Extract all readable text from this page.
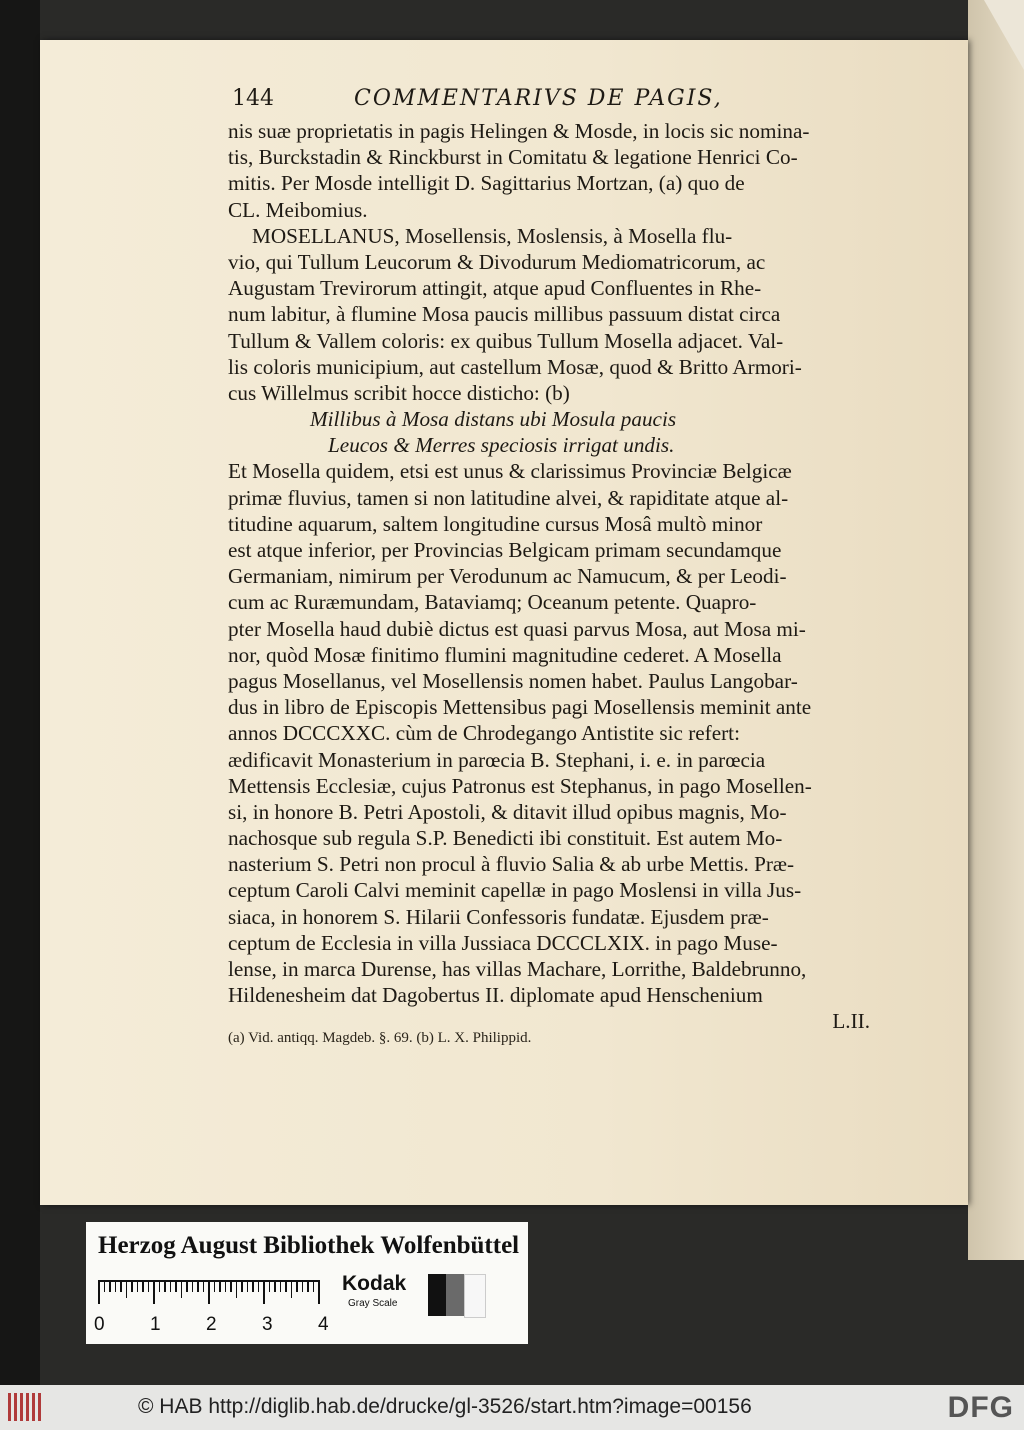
144	COMMENTARIVS DE PAGIS,
nis suæ proprietatis in pagis Helingen & Mosde, in locis sic nomina-
tis, Burckstadin & Rinckburst in Comitatu & legatione Henrici Co-
mitis. Per Mosde intelligit D. Sagittarius Mortzan, (a) quo de
CL. Meibomius.
MOSELLANUS, Mosellensis, Moslensis, à Mosella flu-
vio, qui Tullum Leucorum & Divodurum Mediomatricorum, ac
Augustam Trevirorum attingit, atque apud Confluentes in Rhe-
num labitur, à flumine Mosa paucis millibus passuum distat circa
Tullum & Vallem coloris: ex quibus Tullum Mosella adjacet. Val-
lis coloris municipium, aut castellum Mosæ, quod & Britto Armori-
cus Willelmus scribit hocce disticho: (b)
Millibus à Mosa distans ubi Mosula paucis
Leucos & Merres speciosis irrigat undis.
Et Mosella quidem, etsi est unus & clarissimus Provinciæ Belgicæ
primæ fluvius, tamen si non latitudine alvei, & rapiditate atque al-
titudine aquarum, saltem longitudine cursus Mosâ multò minor
est atque inferior, per Provincias Belgicam primam secundamque
Germaniam, nimirum per Verodunum ac Namucum, & per Leodi-
cum ac Ruræmundam, Bataviamq; Oceanum petente. Quapro-
pter Mosella haud dubiè dictus est quasi parvus Mosa, aut Mosa mi-
nor, quòd Mosæ finitimo flumini magnitudine cederet. A Mosella
pagus Mosellanus, vel Mosellensis nomen habet. Paulus Langobar-
dus in libro de Episcopis Mettensibus pagi Mosellensis meminit ante
annos DCCCXXC. cùm de Chrodegango Antistite sic refert:
ædificavit Monasterium in parœcia B. Stephani, i. e. in parœcia
Mettensis Ecclesiæ, cujus Patronus est Stephanus, in pago Mosellen-
si, in honore B. Petri Apostoli, & ditavit illud opibus magnis, Mo-
nachosque sub regula S.P. Benedicti ibi constituit. Est autem Mo-
nasterium S. Petri non procul à fluvio Salia & ab urbe Mettis. Præ-
ceptum Caroli Calvi meminit capellæ in pago Moslensi in villa Jus-
siaca, in honorem S. Hilarii Confessoris fundatæ. Ejusdem præ-
ceptum de Ecclesia in villa Jussiaca DCCCLXIX. in pago Muse-
lense, in marca Durense, has villas Machare, Lorrithe, Baldebrunno,
Hildenesheim dat Dagobertus II. diplomate apud Henschenium
L.II.
(a) Vid. antiqq. Magdeb. §. 69. (b) L. X. Philippid.
Herzog August Bibliothek Wolfenbüttel
0 1 2 3 4
Kodak
Gray Scale
© HAB http://diglib.hab.de/drucke/gl-3526/start.htm?image=00156	DFG
